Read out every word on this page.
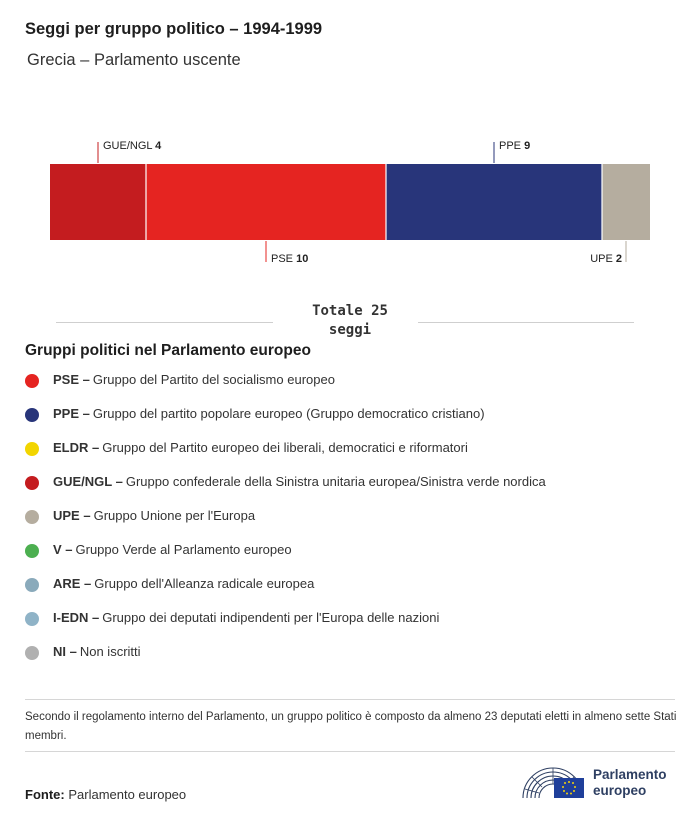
Seggi per gruppo politico – 1994-1999
Grecia – Parlamento uscente
GUE/NGL 4
PSE 10
PPE 9
UPE 2
Totale 25
seggi
Gruppi politici nel Parlamento europeo
PSE – Gruppo del Partito del socialismo europeo
PPE – Gruppo del partito popolare europeo (Gruppo democratico cristiano)
ELDR – Gruppo del Partito europeo dei liberali, democratici e riformatori
GUE/NGL – Gruppo confederale della Sinistra unitaria europea/Sinistra verde nordica
UPE – Gruppo Unione per l'Europa
V – Gruppo Verde al Parlamento europeo
ARE – Gruppo dell'Alleanza radicale europea
I-EDN – Gruppo dei deputati indipendenti per l'Europa delle nazioni
NI – Non iscritti
Secondo il regolamento interno del Parlamento, un gruppo politico è composto da almeno 23 deputati eletti in almeno sette Stati membri.
Fonte: Parlamento europeo
Parlamento
europeo
